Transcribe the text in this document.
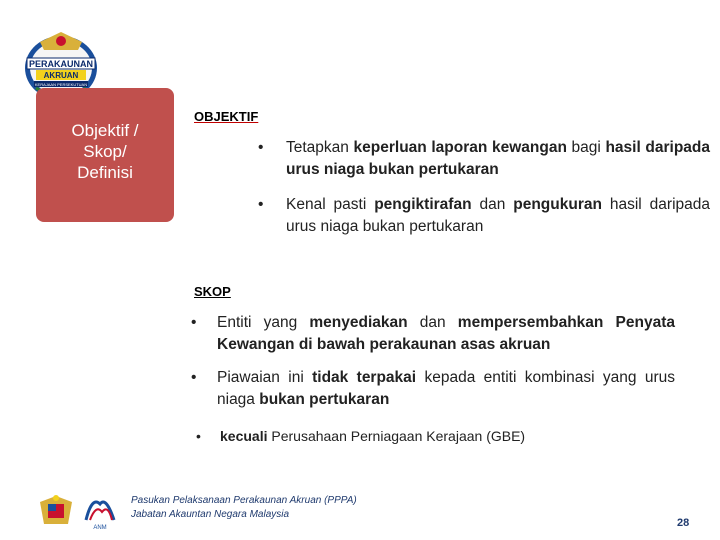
PERAKAUNAN
AKRUAN
KERAJAAN PERSEKUTUAN
Objektif /
Skop/
Definisi
OBJEKTIF
• Tetapkan keperluan laporan kewangan bagi hasil daripada urus niaga bukan pertukaran
• Kenal pasti pengiktirafan dan pengukuran hasil daripada urus niaga bukan pertukaran
SKOP
• Entiti yang menyediakan dan mempersembahkan Penyata Kewangan di bawah perakaunan asas akruan
• Piawaian ini tidak terpakai kepada entiti kombinasi yang urus niaga bukan pertukaran
• kecuali Perusahaan Perniagaan Kerajaan (GBE)
ANM
Pasukan Pelaksanaan Perakaunan Akruan (PPPA)
Jabatan Akauntan Negara Malaysia
28
